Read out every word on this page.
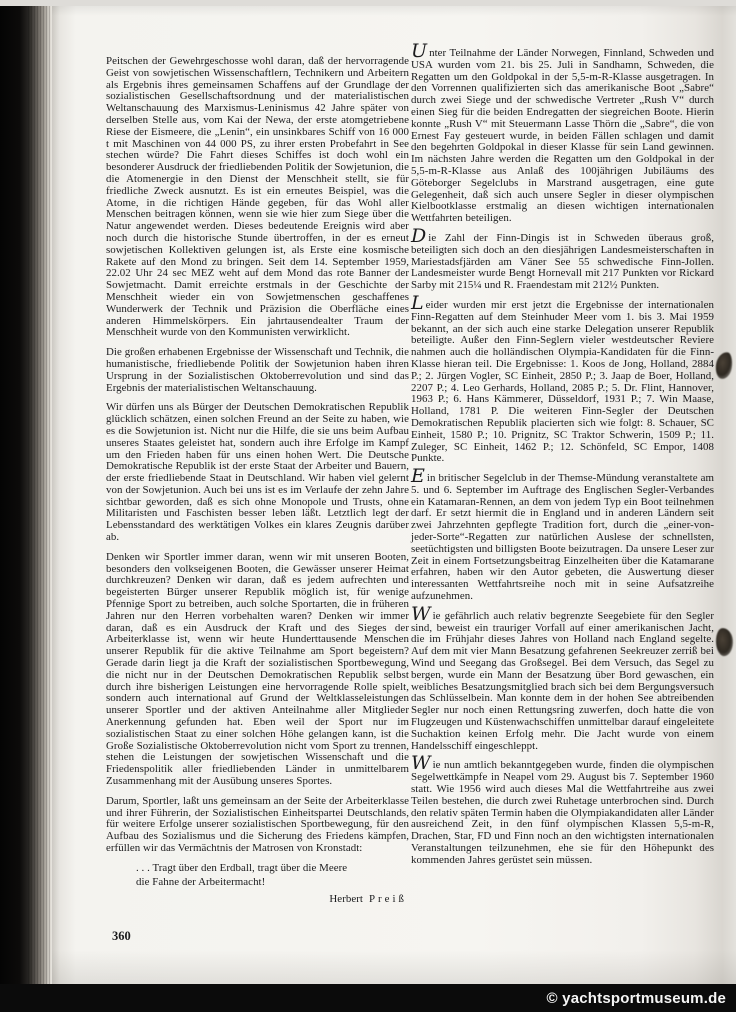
Peitschen der Gewehrgeschosse wohl daran, daß der hervorragende Geist von sowjetischen Wissenschaftlern, Technikern und Arbeitern als Ergebnis ihres gemeinsamen Schaffens auf der Grundlage der sozialistischen Gesellschaftsordnung und der materialistischen Weltanschauung des Marxismus-Leninismus 42 Jahre später von derselben Stelle aus, vom Kai der Newa, der erste atomgetriebene Riese der Eismeere, die „Lenin“, ein unsinkbares Schiff von 16 000 t mit Maschinen von 44 000 PS, zu ihrer ersten Probefahrt in See stechen würde? Die Fahrt dieses Schiffes ist doch wohl ein besonderer Ausdruck der friedliebenden Politik der Sowjetunion, die die Atomenergie in den Dienst der Menschheit stellt, sie für friedliche Zweck ausnutzt. Es ist ein erneutes Beispiel, was die Atome, in die richtigen Hände gegeben, für das Wohl aller Menschen beitragen können, wenn sie wie hier zum Siege über die Natur angewendet werden. Dieses bedeutende Ereignis wird aber noch durch die historische Stunde übertroffen, in der es erneut sowjetischen Kollektiven gelungen ist, als Erste eine kosmische Rakete auf den Mond zu bringen. Seit dem 14. September 1959, 22.02 Uhr 24 sec MEZ weht auf dem Mond das rote Banner der Sowjetmacht. Damit erreichte erstmals in der Geschichte der Menschheit wieder ein von Sowjetmenschen geschaffenes Wunderwerk der Technik und Präzision die Oberfläche eines anderen Himmelskörpers. Ein jahrtausendealter Traum der Menschheit wurde von den Kommunisten verwirklicht.

Die großen erhabenen Ergebnisse der Wissenschaft und Technik, die humanistische, friedliebende Politik der Sowjetunion haben ihren Ursprung in der Sozialistischen Oktoberrevolution und sind das Ergebnis der materialistischen Weltanschauung.

Wir dürfen uns als Bürger der Deutschen Demokratischen Republik glücklich schätzen, einen solchen Freund an der Seite zu haben, wie es die Sowjetunion ist. Nicht nur die Hilfe, die sie uns beim Aufbau unseres Staates geleistet hat, sondern auch ihre Erfolge im Kampf um den Frieden haben für uns einen hohen Wert. Die Deutsche Demokratische Republik ist der erste Staat der Arbeiter und Bauern, der erste friedliebende Staat in Deutschland. Wir haben viel gelernt von der Sowjetunion. Auch bei uns ist es im Verlaufe der zehn Jahre sichtbar geworden, daß es sich ohne Monopole und Trusts, ohne Militaristen und Faschisten besser leben läßt. Letztlich legt der Lebensstandard des werktätigen Volkes ein klares Zeugnis darüber ab.

Denken wir Sportler immer daran, wenn wir mit unseren Booten, besonders den volkseigenen Booten, die Gewässer unserer Heimat durchkreuzen? Denken wir daran, daß es jedem aufrechten und begeisterten Bürger unserer Republik möglich ist, für wenige Pfennige Sport zu betreiben, auch solche Sportarten, die in früheren Jahren nur den Herren vorbehalten waren? Denken wir immer daran, daß es ein Ausdruck der Kraft und des Sieges der Arbeiterklasse ist, wenn wir heute Hunderttausende Menschen unserer Republik für die aktive Teilnahme am Sport begeistern? Gerade darin liegt ja die Kraft der sozialistischen Sportbewegung, die nicht nur in der Deutschen Demokratischen Republik selbst durch ihre bisherigen Leistungen eine hervorragende Rolle spielt, sondern auch international auf Grund der Weltklasseleistungen unserer Sportler und der aktiven Anteilnahme aller Mitglieder Anerkennung gefunden hat. Eben weil der Sport nur im sozialistischen Staat zu einer solchen Höhe gelangen kann, ist die Große Sozialistische Oktoberrevolution nicht vom Sport zu trennen, stehen die Leistungen der sowjetischen Wissenschaft und die Friedenspolitik aller friedliebenden Länder in unmittelbarem Zusammenhang mit der Ausübung unseres Sportes.

Darum, Sportler, laßt uns gemeinsam an der Seite der Arbeiterklasse und ihrer Führerin, der Sozialistischen Einheitspartei Deutschlands, für weitere Erfolge unserer sozialistischen Sportbewegung, für den Aufbau des Sozialismus und die Sicherung des Friedens kämpfen, erfüllen wir das Vermächtnis der Matrosen von Kronstadt:

. . . Tragt über den Erdball, tragt über die Meere
die Fahne der Arbeitermacht!
Herbert Preiß

Unter Teilnahme der Länder Norwegen, Finnland, Schweden und USA wurden vom 21. bis 25. Juli in Sandhamn, Schweden, die Regatten um den Goldpokal in der 5,5-m-R-Klasse ausgetragen. In den Vorrennen qualifizierten sich das amerikanische Boot „Sabre“ durch zwei Siege und der schwedische Vertreter „Rush V“ durch einen Sieg für die beiden Endregatten der siegreichen Boote. Hierin konnte „Rush V“ mit Steuermann Lasse Thörn die „Sabre“, die von Ernest Fay gesteuert wurde, in beiden Fällen schlagen und damit den begehrten Goldpokal in dieser Klasse für sein Land gewinnen. Im nächsten Jahre werden die Regatten um den Goldpokal in der 5,5-m-R-Klasse aus Anlaß des 100jährigen Jubiläums des Göteborger Segelclubs in Marstrand ausgetragen, eine gute Gelegenheit, daß sich auch unsere Segler in dieser olympischen Kielbootklasse erstmalig an diesen wichtigen internationalen Wettfahrten beteiligen.

Die Zahl der Finn-Dingis ist in Schweden überaus groß, beteiligten sich doch an den diesjährigen Landesmeisterschaften in Mariestadsfjärden am Väner See 55 schwedische Finn-Jollen. Landesmeister wurde Bengt Hornevall mit 217 Punkten vor Rickard Sarby mit 215¼ und R. Fraendestam mit 212½ Punkten.

Leider wurden mir erst jetzt die Ergebnisse der internationalen Finn-Regatten auf dem Steinhuder Meer vom 1. bis 3. Mai 1959 bekannt, an der sich auch eine starke Delegation unserer Republik beteiligte. Außer den Finn-Seglern vieler westdeutscher Reviere nahmen auch die holländischen Olympia-Kandidaten für die Finn-Klasse hieran teil. Die Ergebnisse: 1. Koos de Jong, Holland, 2884 P.; 2. Jürgen Vogler, SC Einheit, 2850 P.; 3. Jaap de Boer, Holland, 2207 P.; 4. Leo Gerhards, Holland, 2085 P.; 5. Dr. Flint, Hannover, 1963 P.; 6. Hans Kämmerer, Düsseldorf, 1931 P.; 7. Win Maase, Holland, 1781 P. Die weiteren Finn-Segler der Deutschen Demokratischen Republik placierten sich wie folgt: 8. Schauer, SC Einheit, 1580 P.; 10. Prignitz, SC Traktor Schwerin, 1509 P.; 11. Zuleger, SC Einheit, 1462 P.; 12. Schönfeld, SC Empor, 1408 Punkte.

Ein britischer Segelclub in der Themse-Mündung veranstaltete am 5. und 6. September im Auftrage des Englischen Segler-Verbandes ein Katamaran-Rennen, an dem von jedem Typ ein Boot teilnehmen darf. Er setzt hiermit die in England und in anderen Ländern seit zwei Jahrzehnten gepflegte Tradition fort, durch die „einer-von-jeder-Sorte“-Regatten zur natürlichen Auslese der schnellsten, seetüchtigsten und billigsten Boote beizutragen. Da unsere Leser zur Zeit in einem Fortsetzungsbeitrag Einzelheiten über die Katamarane erfahren, haben wir den Autor gebeten, die Auswertung dieser interessanten Wettfahrtsreihe noch mit in seine Aufsatzreihe aufzunehmen.

Wie gefährlich auch relativ begrenzte Seegebiete für den Segler sind, beweist ein trauriger Vorfall auf einer amerikanischen Jacht, die im Frühjahr dieses Jahres von Holland nach England segelte. Auf dem mit vier Mann Besatzung gefahrenen Seekreuzer zerriß bei Wind und Seegang das Großsegel. Bei dem Versuch, das Segel zu bergen, wurde ein Mann der Besatzung über Bord gewaschen, ein weibliches Besatzungsmitglied brach sich bei dem Bergungsversuch das Schlüsselbein. Man konnte dem in der hohen See abtreibenden Segler nur noch einen Rettungsring zuwerfen, doch hatte die von Flugzeugen und Küstenwachschiffen unmittelbar darauf eingeleitete Suchaktion keinen Erfolg mehr. Die Jacht wurde von einem Handelsschiff eingeschleppt.

Wie nun amtlich bekanntgegeben wurde, finden die olympischen Segelwettkämpfe in Neapel vom 29. August bis 7. September 1960 statt. Wie 1956 wird auch dieses Mal die Wettfahrtreihe aus zwei Teilen bestehen, die durch zwei Ruhetage unterbrochen sind. Durch den relativ späten Termin haben die Olympiakandidaten aller Länder ausreichend Zeit, in den fünf olympischen Klassen 5,5-m-R, Drachen, Star, FD und Finn noch an den wichtigsten internationalen Veranstaltungen teilzunehmen, ehe sie für den Höhepunkt des kommenden Jahres gerüstet sein müssen.

360
© yachtsportmuseum.de
